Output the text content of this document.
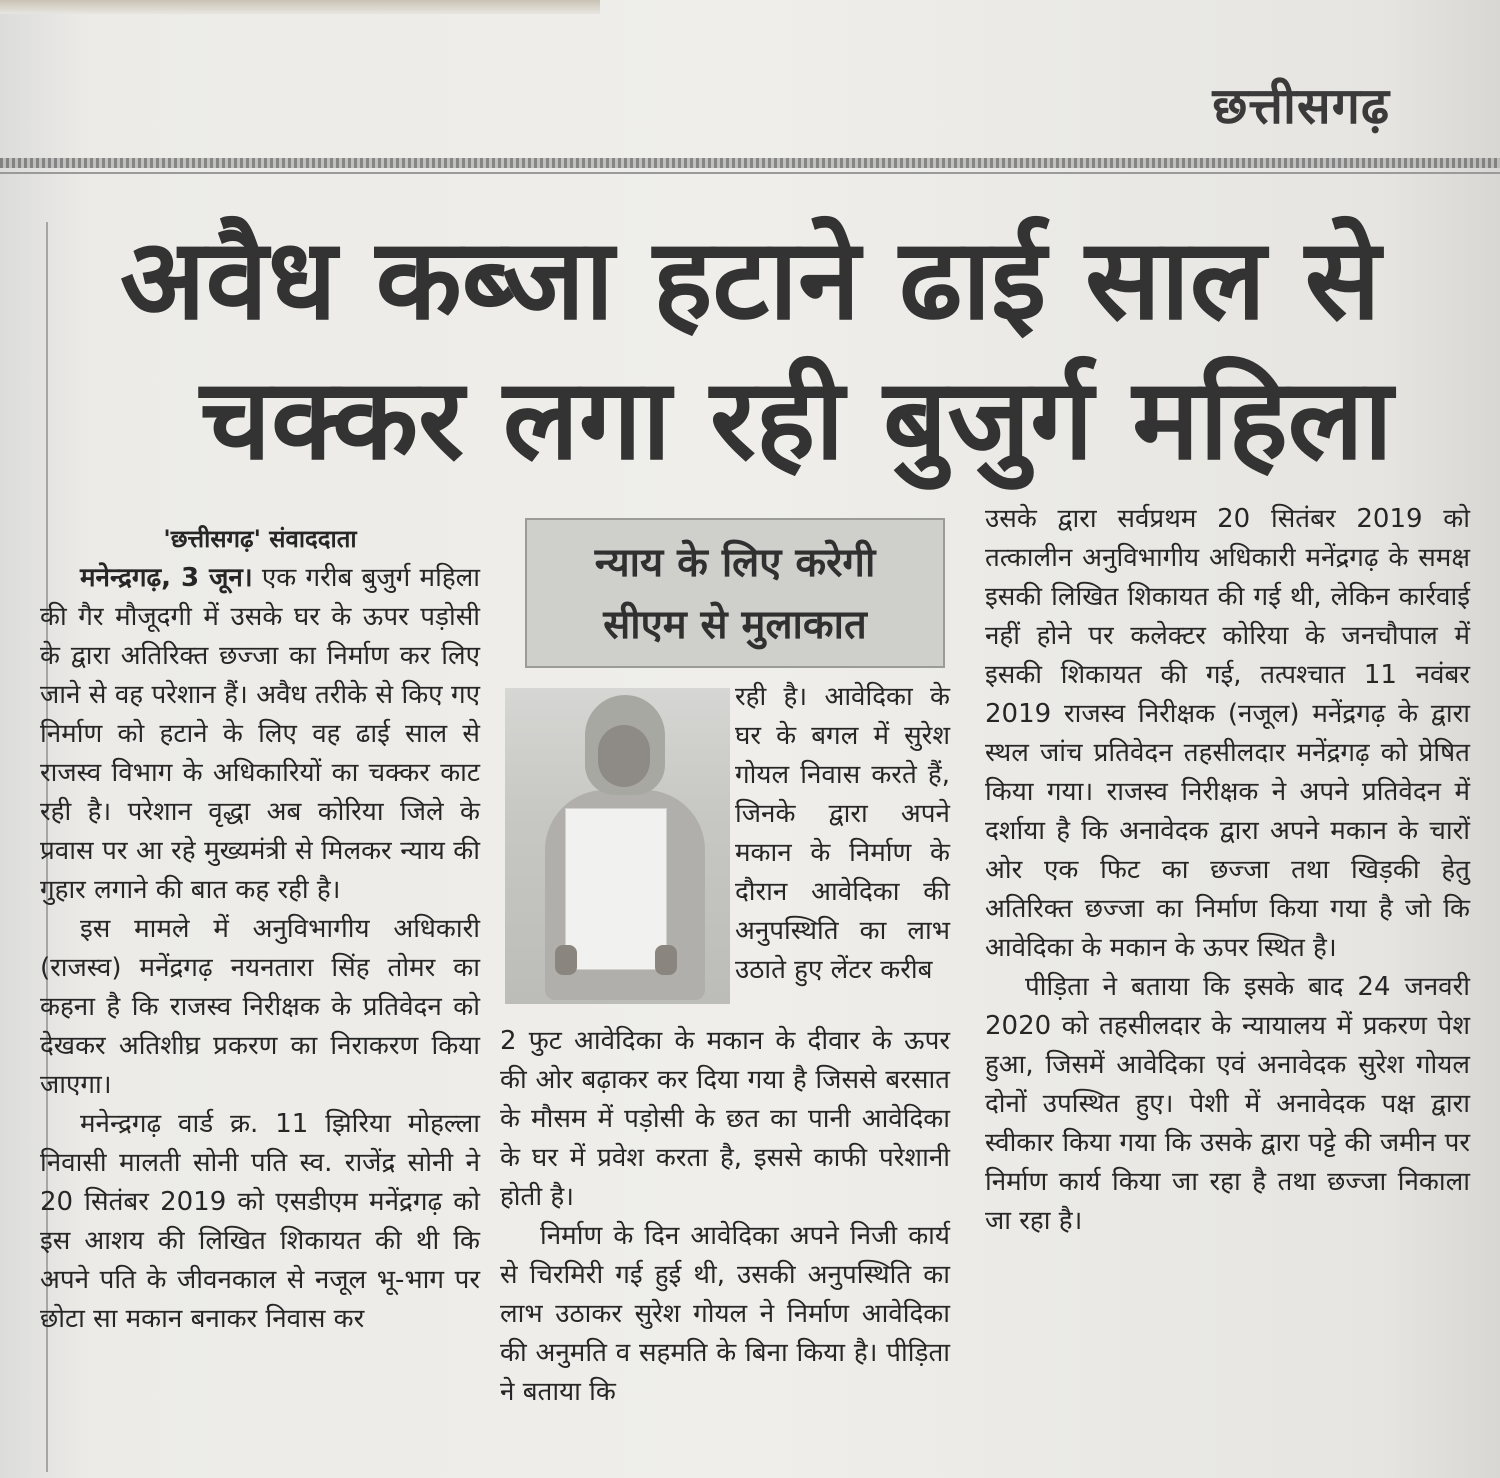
छत्तीसगढ़
अवैध कब्जा हटाने ढाई साल से
चक्कर लगा रही बुजुर्ग महिला
'छत्तीसगढ़' संवाददाता

मनेन्द्रगढ़, 3 जून। एक गरीब बुजुर्ग महिला की गैर मौजूदगी में उसके घर के ऊपर पड़ोसी के द्वारा अतिरिक्त छज्जा का निर्माण कर लिए जाने से वह परेशान हैं। अवैध तरीके से किए गए निर्माण को हटाने के लिए वह ढाई साल से राजस्व विभाग के अधिकारियों का चक्कर काट रही है। परेशान वृद्धा अब कोरिया जिले के प्रवास पर आ रहे मुख्यमंत्री से मिलकर न्याय की गुहार लगाने की बात कह रही है।

इस मामले में अनुविभागीय अधिकारी (राजस्व) मनेंद्रगढ़ नयनतारा सिंह तोमर का कहना है कि राजस्व निरीक्षक के प्रतिवेदन को देखकर अतिशीघ्र प्रकरण का निराकरण किया जाएगा।

मनेन्द्रगढ़ वार्ड क्र. 11 झिरिया मोहल्ला निवासी मालती सोनी पति स्व. राजेंद्र सोनी ने 20 सितंबर 2019 को एसडीएम मनेंद्रगढ़ को इस आशय की लिखित शिकायत की थी कि अपने पति के जीवनकाल से नजूल भू-भाग पर छोटा सा मकान बनाकर निवास कर

न्याय के लिए करेगी
सीएम से मुलाकात

रही है। आवेदिका के घर के बगल में सुरेश गोयल निवास करते हैं, जिनके द्वारा अपने मकान के निर्माण के दौरान आवेदिका की अनुपस्थिति का लाभ उठाते हुए लेंटर करीब

2 फुट आवेदिका के मकान के दीवार के ऊपर की ओर बढ़ाकर कर दिया गया है जिससे बरसात के मौसम में पड़ोसी के छत का पानी आवेदिका के घर में प्रवेश करता है, इससे काफी परेशानी होती है।

निर्माण के दिन आवेदिका अपने निजी कार्य से चिरमिरी गई हुई थी, उसकी अनुपस्थिति का लाभ उठाकर सुरेश गोयल ने निर्माण आवेदिका की अनुमति व सहमति के बिना किया है। पीड़िता ने बताया कि

उसके द्वारा सर्वप्रथम 20 सितंबर 2019 को तत्कालीन अनुविभागीय अधिकारी मनेंद्रगढ़ के समक्ष इसकी लिखित शिकायत की गई थी, लेकिन कार्रवाई नहीं होने पर कलेक्टर कोरिया के जनचौपाल में इसकी शिकायत की गई, तत्पश्चात 11 नवंबर 2019 राजस्व निरीक्षक (नजूल) मनेंद्रगढ़ के द्वारा स्थल जांच प्रतिवेदन तहसीलदार मनेंद्रगढ़ को प्रेषित किया गया। राजस्व निरीक्षक ने अपने प्रतिवेदन में दर्शाया है कि अनावेदक द्वारा अपने मकान के चारों ओर एक फिट का छज्जा तथा खिड़की हेतु अतिरिक्त छज्जा का निर्माण किया गया है जो कि आवेदिका के मकान के ऊपर स्थित है।

पीड़िता ने बताया कि इसके बाद 24 जनवरी 2020 को तहसीलदार के न्यायालय में प्रकरण पेश हुआ, जिसमें आवेदिका एवं अनावेदक सुरेश गोयल दोनों उपस्थित हुए। पेशी में अनावेदक पक्ष द्वारा स्वीकार किया गया कि उसके द्वारा पट्टे की जमीन पर निर्माण कार्य किया जा रहा है तथा छज्जा निकाला जा रहा है।
